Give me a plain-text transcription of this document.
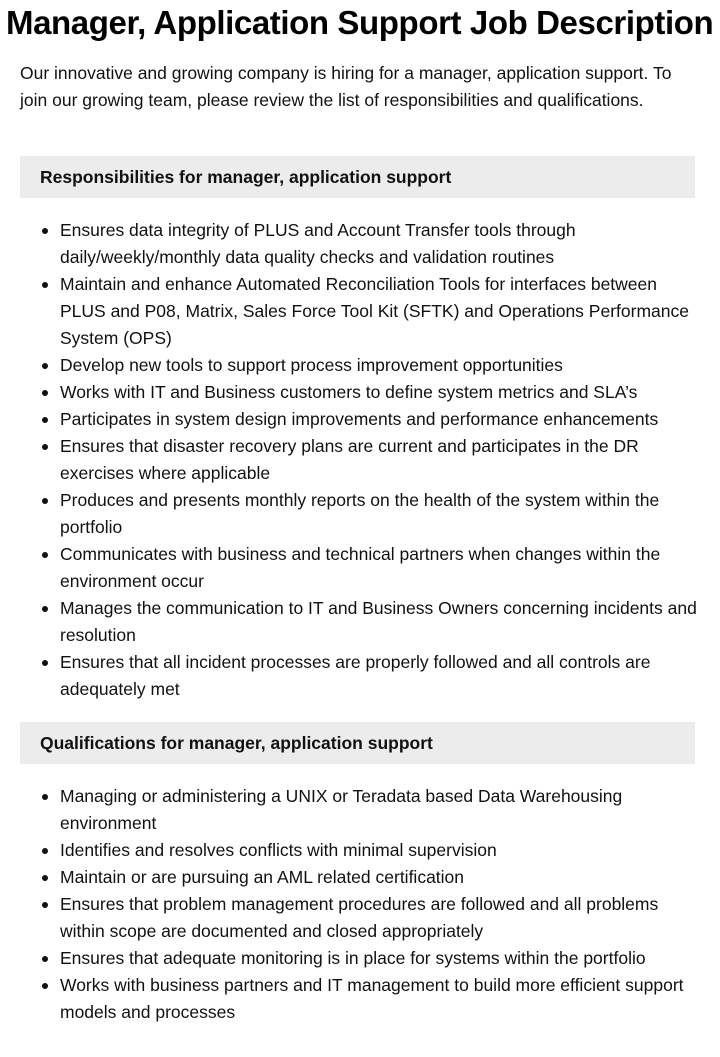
Manager, Application Support Job Description

Our innovative and growing company is hiring for a manager, application support. To join our growing team, please review the list of responsibilities and qualifications.

Responsibilities for manager, application support
Ensures data integrity of PLUS and Account Transfer tools through daily/weekly/monthly data quality checks and validation routines
Maintain and enhance Automated Reconciliation Tools for interfaces between PLUS and P08, Matrix, Sales Force Tool Kit (SFTK) and Operations Performance System (OPS)
Develop new tools to support process improvement opportunities
Works with IT and Business customers to define system metrics and SLA’s
Participates in system design improvements and performance enhancements
Ensures that disaster recovery plans are current and participates in the DR exercises where applicable
Produces and presents monthly reports on the health of the system within the portfolio
Communicates with business and technical partners when changes within the environment occur
Manages the communication to IT and Business Owners concerning incidents and resolution
Ensures that all incident processes are properly followed and all controls are adequately met
Qualifications for manager, application support
Managing or administering a UNIX or Teradata based Data Warehousing environment
Identifies and resolves conflicts with minimal supervision
Maintain or are pursuing an AML related certification
Ensures that problem management procedures are followed and all problems within scope are documented and closed appropriately
Ensures that adequate monitoring is in place for systems within the portfolio
Works with business partners and IT management to build more efficient support models and processes
